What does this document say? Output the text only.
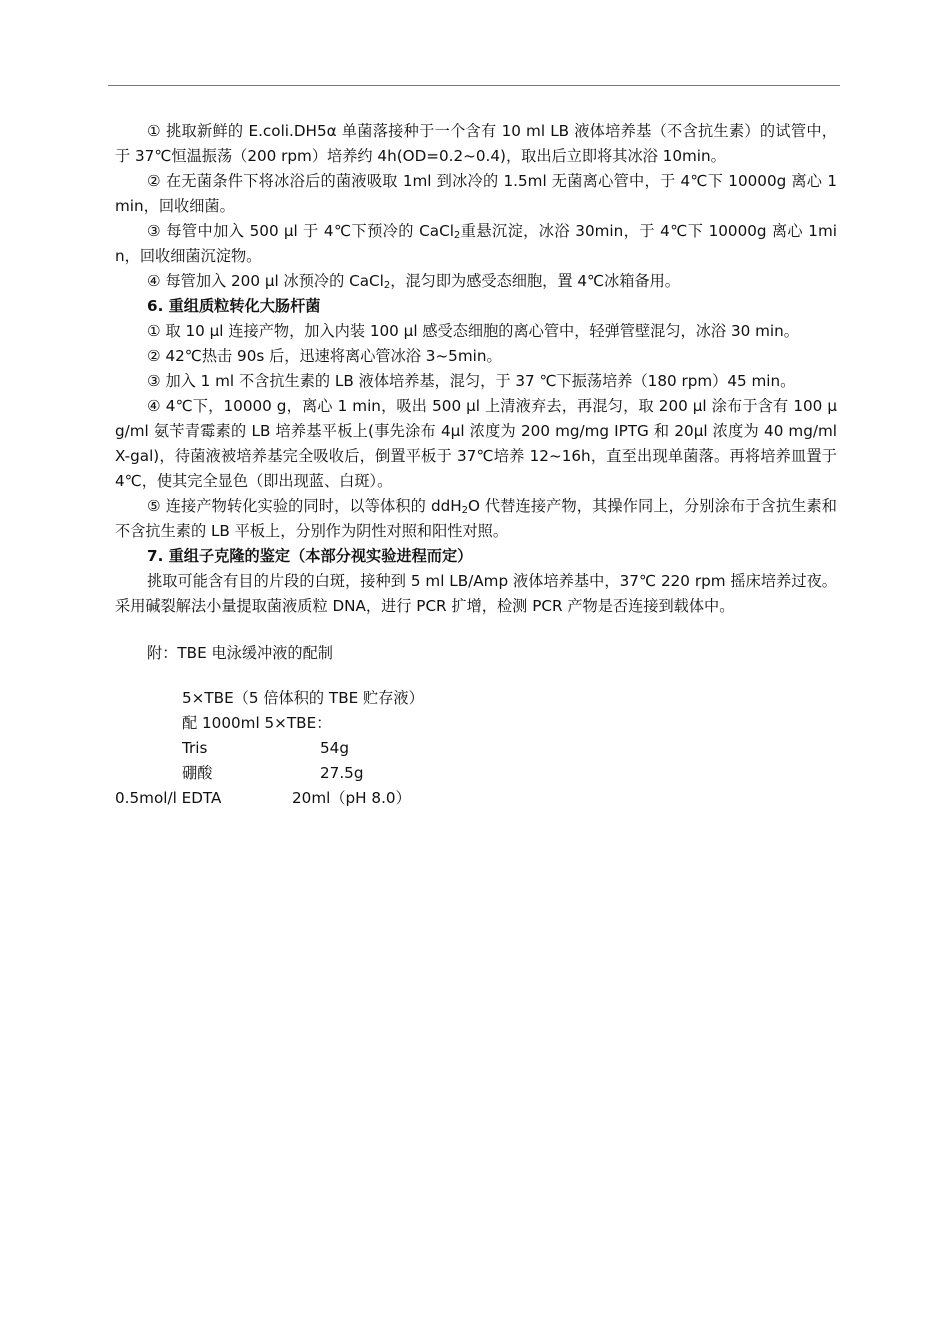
① 挑取新鲜的 E.coli.DH5α 单菌落接种于一个含有 10 ml LB 液体培养基（不含抗生素）的试管中，于 37℃恒温振荡（200 rpm）培养约 4h(OD=0.2~0.4)，取出后立即将其冰浴 10min。

② 在无菌条件下将冰浴后的菌液吸取 1ml 到冰冷的 1.5ml 无菌离心管中，于 4℃下 10000g 离心 1min，回收细菌。

③ 每管中加入 500 μl 于 4℃下预冷的 CaCl$_2$重悬沉淀，冰浴 30min，于 4℃下 10000g 离心 1min，回收细菌沉淀物。

④ 每管加入 200 μl 冰预冷的 CaCl$_2$，混匀即为感受态细胞，置 4℃冰箱备用。

6. 重组质粒转化大肠杆菌

① 取 10 μl 连接产物，加入内装 100 μl 感受态细胞的离心管中，轻弹管壁混匀，冰浴 30 min。

② 42℃热击 90s 后，迅速将离心管冰浴 3~5min。

③ 加入 1 ml 不含抗生素的 LB 液体培养基，混匀，于 37 ℃下振荡培养（180 rpm）45 min。

④ 4℃下，10000 g，离心 1 min，吸出 500 μl 上清液弃去，再混匀，取 200 μl 涂布于含有 100 μg/ml 氨苄青霉素的 LB 培养基平板上(事先涂布 4μl 浓度为 200 mg/mg IPTG 和 20μl 浓度为 40 mg/ml X-gal)，待菌液被培养基完全吸收后，倒置平板于 37℃培养 12~16h，直至出现单菌落。再将培养皿置于 4℃，使其完全显色（即出现蓝、白斑）。

⑤ 连接产物转化实验的同时，以等体积的 ddH$_2$O 代替连接产物，其操作同上，分别涂布于含抗生素和不含抗生素的 LB 平板上，分别作为阴性对照和阳性对照。

7. 重组子克隆的鉴定（本部分视实验进程而定）

挑取可能含有目的片段的白斑，接种到 5 ml LB/Amp 液体培养基中，37℃ 220 rpm 摇床培养过夜。采用碱裂解法小量提取菌液质粒 DNA，进行 PCR 扩增，检测 PCR 产物是否连接到载体中。

附：TBE 电泳缓冲液的配制

5×TBE（5 倍体积的 TBE 贮存液）
配 1000ml 5×TBE：
Tris	54g
硼酸	27.5g
0.5mol/l EDTA	20ml（pH 8.0）
